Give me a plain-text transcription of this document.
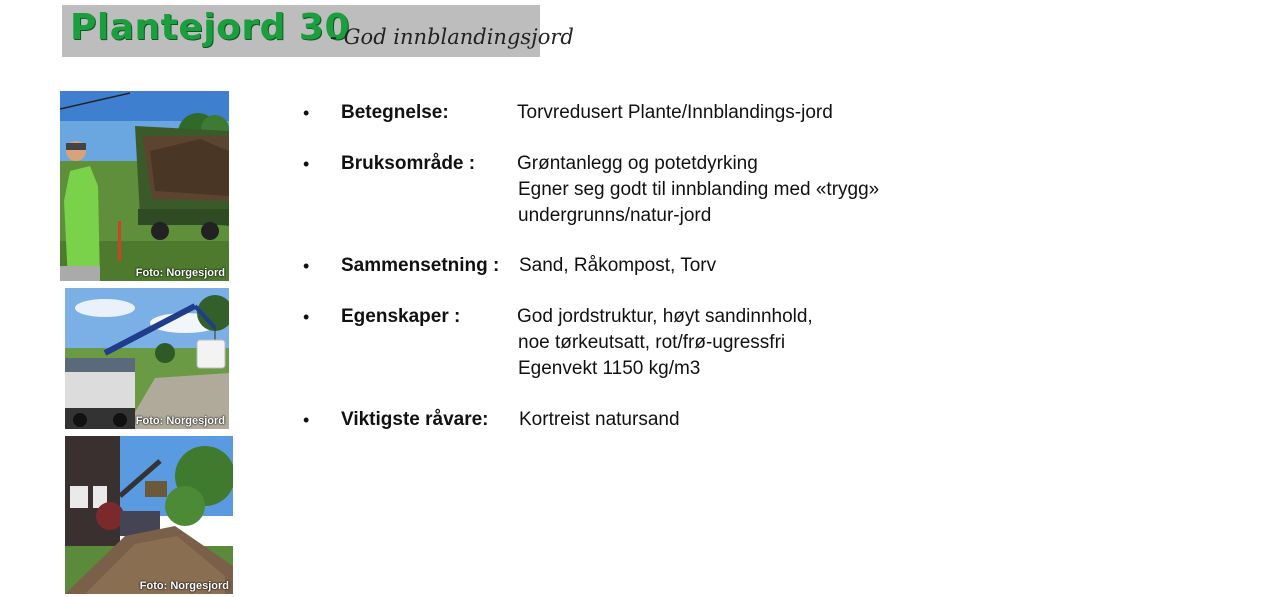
Plantejord 30
- God innblandingsjord
Foto: Norgesjord
Foto: Norgesjord
Foto: Norgesjord
• Betegnelse:	Torvredusert Plante/Innblandings-jord
• Bruksområde : Grøntanlegg og potetdyrking
Egner seg godt til innblanding med «trygg»
undergrunns/natur-jord
• Sammensetning : Sand, Råkompost, Torv
• Egenskaper :	God jordstruktur, høyt sandinnhold,
noe tørkeutsatt, rot/frø-ugressfri
Egenvekt 1150 kg/m3
• Viktigste råvare: Kortreist natursand
